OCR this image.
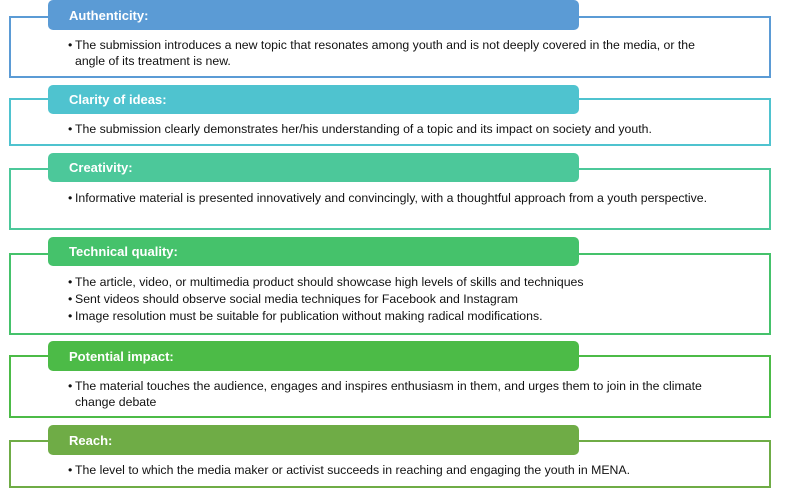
Authenticity:
• The submission introduces a new topic that resonates among youth and is not deeply covered in the media, or the angle of its treatment is new.
Clarity of ideas:
• The submission clearly demonstrates her/his understanding of a topic and its impact on society and youth.
Creativity:
• Informative material is presented innovatively and convincingly, with a thoughtful approach from a youth perspective.
Technical quality:
• The article, video, or multimedia product should showcase high levels of skills and techniques
• Sent videos should observe social media techniques for Facebook and Instagram
• Image resolution must be suitable for publication without making radical modifications.
Potential impact:
• The material touches the audience, engages and inspires enthusiasm in them, and urges them to join in the climate change debate
Reach:
• The level to which the media maker or activist succeeds in reaching and engaging the youth in MENA.
